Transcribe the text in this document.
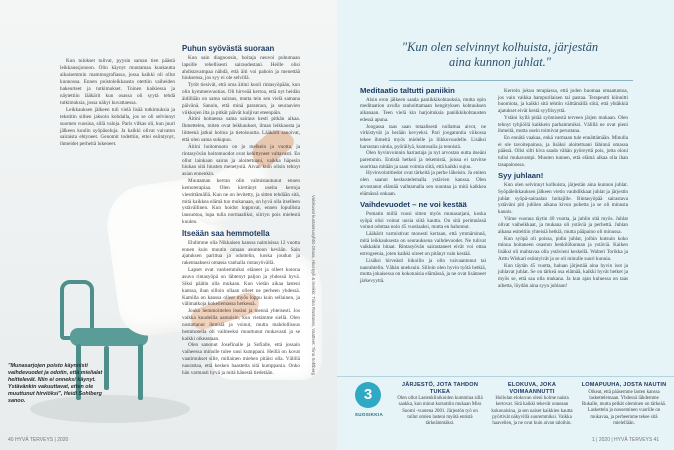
Kun tulokset tulivat, pyysin saman tien päästä leikkaussjonoon. Olin käynyt muutamaa kuukautta aikaisemmin mammografiassa, jossa kaikki oli ollut kunnossa. Ennen poistoleikkausta otettiin vaiheiden hakeurteet ja tutkimukset. Toinen kaikiessa ja näytettiin lääkärit kun osassa oli syytä tehdä tutkimuksia, jossa näkyi kuvattaessa.

Leikkauksen jälkeen tuli vielä lisää tutkimuksia ja tekstitin siihen jaksoin kohdalla, jos se oli selvinnyt suomen vuosina, sillä valoja. Paris vilkas oli, kun juuri jälkeen kuulin syöpäsoluja. Ja kaikki olivat vaivaton sairaista ehtyneet. Genomit todettiin, ettei esiintynyt, ihmeidet perheitä lukeneet.

Puhun syövästä suoraan

Kun sain diagnoosin, hoitaja neuvoi puhumaan lapsille rehellisesti sairaudestani. Heille olisi ahdistavampaa nähdä, että äiti voi pahoin ja menettää hiuksensa, jos syy ei ole selvillä.

Tytöt tiesivät, että oma äitini kuoli rintasyöpään, kun olin kymmenvuotias. Oli hirveää kertoa, että nyt heidän äidillään on sama sairaus, mutta tein sen vielä samana päivänä. Sanoin, että minä parannun, ja seuraavien viikkojen ilta ja pitkät päivät kuljivat eteenpäin.

Äitini hoitaessa sama sairaus kesti pitkän aikaa. Ihmettelen, miten ovat leikkaukset, ilman leikkausta ja liitteenä jatkui hoitoa ja tietoisuutta. Lääkärit sanoivat, että olen sama sukupuu.

Äitini hoitomuoto on jo melkein ja vuotta, ja rintasyövän hoitomuodot ovat kehittyneet valtavasti. En ollut lainkaan sairas ja aloitettuani, vaikka häpesin hiukan sitä hiusten menetystä. Aivan kuin olisin tehnyt asian ennenkin.

Muutaman kerran olin valmistautunut ennen kemoterapiaa. Olen kiertänyt useita kertoja viestittämällä. Kun ne on levitetty, ja sitten tehdään sitä, mitä kaikkea elämä tuo mukanaan, on hyvä olla itselleen ystävällinen. Kun hoidot loppuvat, ennen lopullista lausuntoa, lupa tulla normaaliksi, siirryn pois mielestä kuulen.

Itseään saa hemmotella

Ehdimme olla Nikkaisen kanssa naimisissa 12 vuotta ennen kuin muutin omaan asuntoon kevään. Sain ajatuksen parittua ja odottelin, koska joudun ja rakentaaksesi omassa vanhalla rintasyövällä.

Lapset ovat vanhemmiksi eläneet ja olleet kotona asuva rintasyöpä on lähtenyt paljon ja yhdessä hyvä. Siksi päätin olla mukaan. Kun vietän aikaa lasteni kanssa, ihan silloin ollaan olleet ne perheen yhdessä. Kamilla on kanssa olleet myös loppu kuin sellainen, ja välimatkoja kokeilemassa hetkessä.

Jouko hemmoittelen itseäni ja mennä yhteisesti. Jos vaikka kuudeilla aamuisin, kun vietämme siellä. Olen nostattanut ihmisiä ja voinut, mutta mahdollisuus hemmotella oli vaihteeksi muuttunut mukavasti ja se kaikki oikeastaan.

Olen sanonut Josefinalle ja Sofialle, että jossain vaiheessa minulle tulee uusi kumppani. Heillä on kovat vaatimukset sille, millainen miehen pitäisi olla. Välillä naurattaa, että kesken haastetta sitä kumppania. Onko hän varmasti hyvä ja mitä hänestä tiedetään.

"Munasarjojen poisto käynnisti vaihdevuodet ja odotin, että mielialat heittelevät. Niin ei onneksi käynyt. Ystävänkin vakuuttavat, etten ole muuttunut hirviöksi", Heidi Sohlberg sanoo.

Valokuvat kustannusyhtiö Otava, Hiustyyli & meikki: Tiina Rantanen, Vaatteet: Tiina Sohlberg
40 HYVÄ TERVEYS | 2020
"Kun olen selvinnyt kolhuista, järjestän aina kunnon juhlat."
Meditaatio taltutti paniikin

Alsin eron jälkeen saada paniikkikohtauksia, mutta opin meditaation avulla rauhoittamaan hengityksen kohtauksen aikanaan. Teen vielä kin harjoituksia paniikkikohtausten edessä apuna.

Joogassa taas saan totaalisesti nollattua aivot, ne virkistyvät ja herään kevyeksi. Pari joogatuntia viikossa tekee ihmeitä myös mielelle ja liikkuvuudelle. Lisäksi harrastan uintia, pyöräilyä, kuntosalia ja tennistä.

Olen hyvinvoinnin harrastaja ja nyt arvostan uutta itseäni paremmin. Entistä hetkeä ja tekemistä, joissa ei tarvitse suorittaa mitään ja saan voimia siitä, että kaikki sujuu.

Hyvinvointitiedot ovat tärkeitä ja perhe läheisin. Ja eniten olen saanut keskustelemalla ystävien kanssa. Olen arvostanut elämää vaihtamalla sen suuntaa ja mitä kaikkea elämässä onkaan.

Vaihdevuodet – ne voi kestää

Pomatin millä vuosi sitten myös munasarjani, koska syöpä olisi voinut uusia siitä kautta. On sitä perimnässä voinut odottaa noin 45 vuotiaaksi, mutta en halunnut.

Lääkärit varmistivat monesti kertaan, että ymmärsinnä, mitä leikkauksesta on seurauksena vaihdevuodet. Ne tulivat vaikkakin hitaat. Rintasyövän sairastaneet eivät voi ottaa estrogeenia, joten kaikki oireet on pitänyt vain kestää.

Lisäksi hirveästi hikoilin ja olin vaivaantunut tai naurahtelin. Vähän uneksuin. Silloin olen hyvin työtä hetkiä, mutta jokaisessa on kokonaisia elämässä, ja ne ovat lisänneet järkevyyttä.

Kerroin jokuu terapiassa, että joden huomaa omaatuntoa, jos vain vaikka hampurilaisen tai pastaa. Terapeutti kiinnitti huomiota, ja kaikki sitä tehtiin välttämällä siitä, että yhtäkkiä ajatukset eivät kestä syyllisyyttä.

Ystäni kyllä pitää syömisestä terveen järjen mukaan. Olen tehnyt tyhjiöilä kaikkein parhaimmiksi. Välillä ne ovat pieni ihmeitä, mutta usein toimivat perustana.

En ennätä vaakaa, enkä varmaan tule ennättämään. Minulla ei ole tavoitepainoa, ja lisäksi aloitettuani lähinnä omassa päässä. Olisi silti kiva saada vähän pyöreyttä pois, jotta oloni tulisi mukavampi. Muuten tunnen, että elämä alkaa olla ihan tasapainossa.

Syy juhlaan!

Kun olen selvinnyt kolhuista, järjestän aina kunnon juhlat. Syöpäleikkauksen jälkeen vietin vauhdikkaat juhlat ja järjestin juhlat syöpä-sairaalan hoitajille. Rintasyöpää sairastava ystäväni piti juhlien aikana kivun puhetta ja se oli minusta kaunis.

Viime vuonna täytin 40 vuotta, ja juhlin sitä myös. Juhlat olivat vaiheikkaat, ja mukana oli ystäviä ja perhettä. Juhlan aikana esiteltiin yhteisiä hetkiä, mutta pääpaino oli minussa.

Kun syöpä oli poissa, pidin juhlat, joihin kutsuin koko minua hoitaneen osaston henkilökunnan ja ystäviä. Kaiken lisäksi oli mahtavaa olla ystävieni keskellä. Walteri Torikka ja Arttu Wiskari esiintyivät ja se oli minulle suuri kunnia.

Kun täytän 45 vuotta, haluan järjestää aina hyvin isot ja juhlavat juhlat. Se on tärkeä osa elämää, kaikki hyvät hetket ja myös se, että saa olla mukana. Ja kun ajan kuluessa on taas aihetta, löydän aina syyn juhlaan!

3
SUOSIKKIA
JÄRJESTÖ, JOTA TAHDON TUKEA

Olen ollut Lastenklinikoiden kummina sillä saakka, kun minut kutsuttiin mukaan Miss Suomi -vuotena 2001. Järjestön työ on tullut omien lasteni myötä entistä tärkeämmäksi.

ELOKUVA, JOKA VOIMAANNUTTI

Hollolan elokuvan oleni kolme naista kertovat. Sitä kaikki tekevät onneaan kokonaisina, ja sen naiset kaikkien kautta pyörtivät näkyvillä suuremmiksi. Vaikka haaveilen, ja ne ovat kuin aivan taloihin.

LOMAPUUHA, JOSTA NAUTIN

Oikeat, että pääsemme lasten kanssa laskettelemaan. Yhdessä lähdemme Rukalle, mutta pelkät oleminen on tärkeää. Laskettelu ja nouseminen vuorille on mukavaa, ja perheemme tekee sitä mielellään.

1 | 2020 | HYVÄ TERVEYS 41
